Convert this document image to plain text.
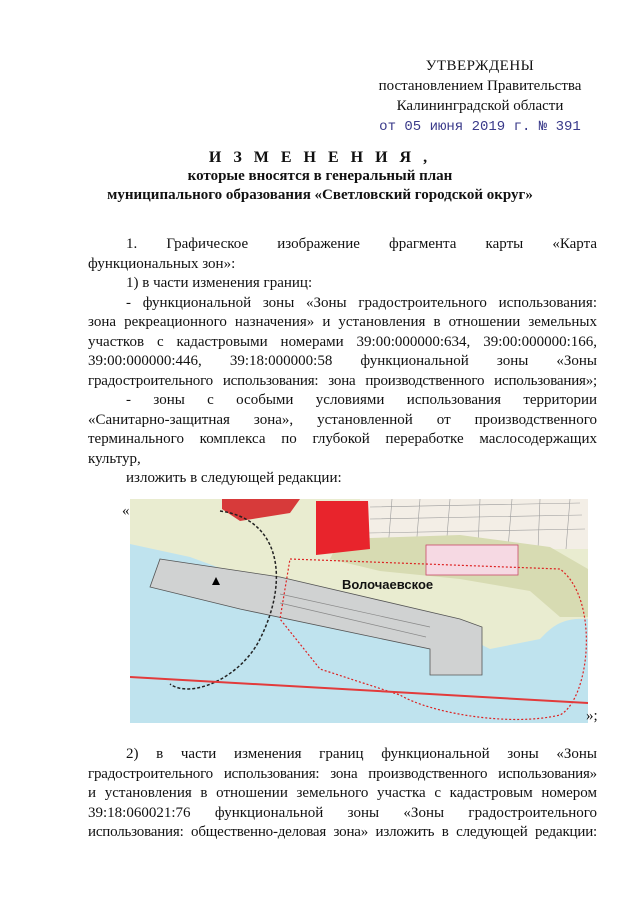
УТВЕРЖДЕНЫ
постановлением Правительства
Калининградской области
от 05 июня 2019 г. № 391
И З М Е Н Е Н И Я ,
которые вносятся в генеральный план
муниципального образования «Светловский городской округ»
1. Графическое изображение фрагмента карты «Карта
функциональных зон»:
1) в части изменения границ:
- функциональной зоны «Зоны градостроительного использования:
зона рекреационного назначения» и установления в отношении земельных
участков с кадастровыми номерами 39:00:000000:634, 39:00:000000:166,
39:00:000000:446, 39:18:000000:58 функциональной зоны «Зоны
градостроительного использования: зона производственного использования»;
- зоны с особыми условиями использования территории
«Санитарно-защитная зона», установленной от производственного
терминального комплекса по глубокой переработке маслосодержащих
культур,
изложить в следующей редакции:
«
Волочаевское
»;
2) в части изменения границ функциональной зоны «Зоны
градостроительного использования: зона производственного использования»
и установления в отношении земельного участка с кадастровым номером
39:18:060021:76 функциональной зоны «Зоны градостроительного
использования: общественно-деловая зона» изложить в следующей редакции:
